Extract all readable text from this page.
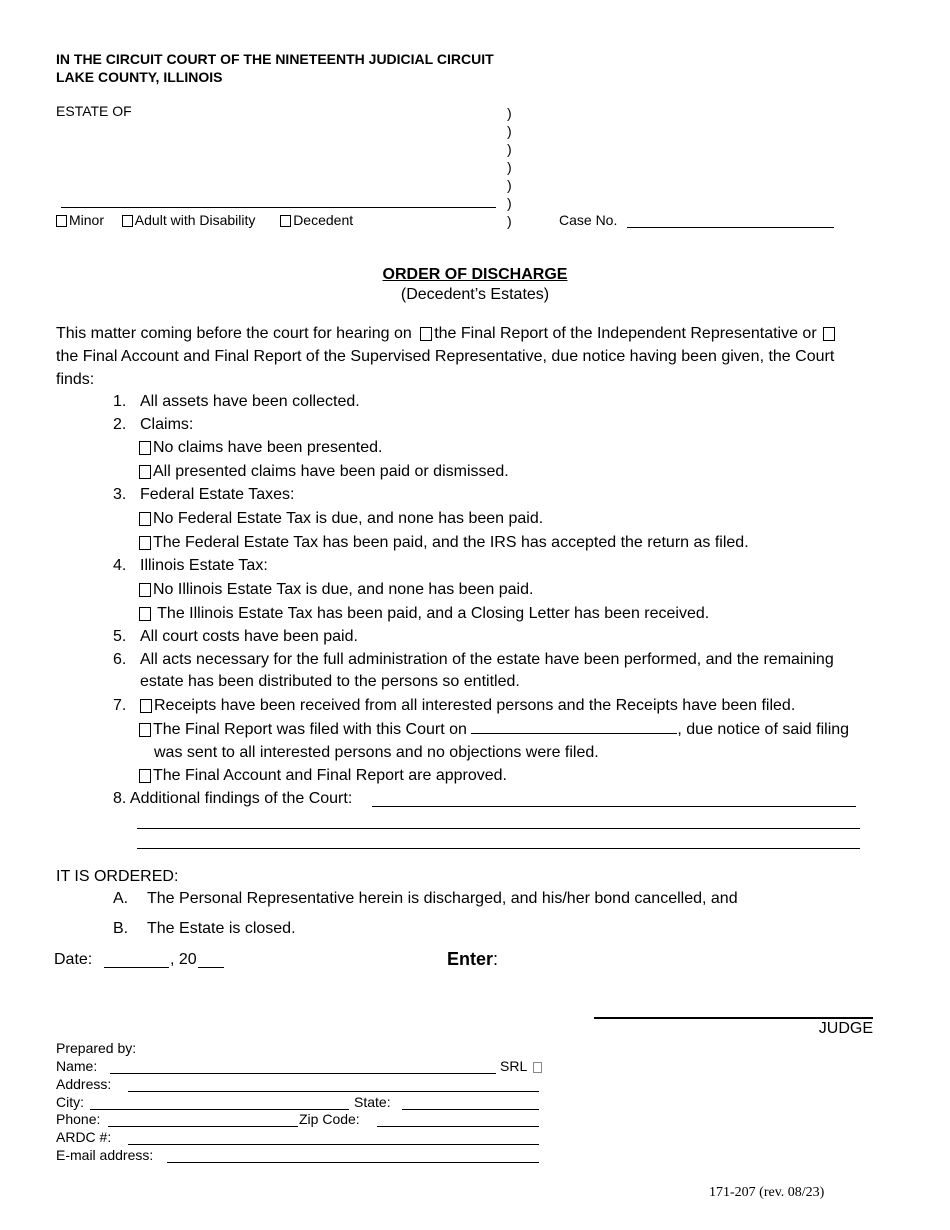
IN THE CIRCUIT COURT OF THE NINETEENTH JUDICIAL CIRCUIT
LAKE COUNTY, ILLINOIS
ESTATE OF	)
)
)
)
)
)
)
Minor Adult with Disability	Decedent	Case No.
ORDER OF DISCHARGE
(Decedent’s Estates)
This matter coming before the court for hearing on the Final Report of the Independent Representative or
the Final Account and Final Report of the Supervised Representative, due notice having been given, the Court
finds:
1. All assets have been collected.
2. Claims:
No claims have been presented.
All presented claims have been paid or dismissed.
3. Federal Estate Taxes:
No Federal Estate Tax is due, and none has been paid.
The Federal Estate Tax has been paid, and the IRS has accepted the return as filed.
4. Illinois Estate Tax:
No Illinois Estate Tax is due, and none has been paid.
The Illinois Estate Tax has been paid, and a Closing Letter has been received.
5. All court costs have been paid.
6. All acts necessary for the full administration of the estate have been performed, and the remaining
estate has been distributed to the persons so entitled.
7. Receipts have been received from all interested persons and the Receipts have been filed.
The Final Report was filed with this Court on	, due notice of said filing
was sent to all interested persons and no objections were filed.
The Final Account and Final Report are approved.
8. Additional findings of the Court:
IT IS ORDERED:
A. The Personal Representative herein is discharged, and his/her bond cancelled, and
B. The Estate is closed.
Date:	, 20	Enter:
JUDGE
Prepared by:
Name:	SRL
Address:
City:	State:
Phone:	Zip Code:
ARDC #:
E-mail address:
171-207 (rev. 08/23)
